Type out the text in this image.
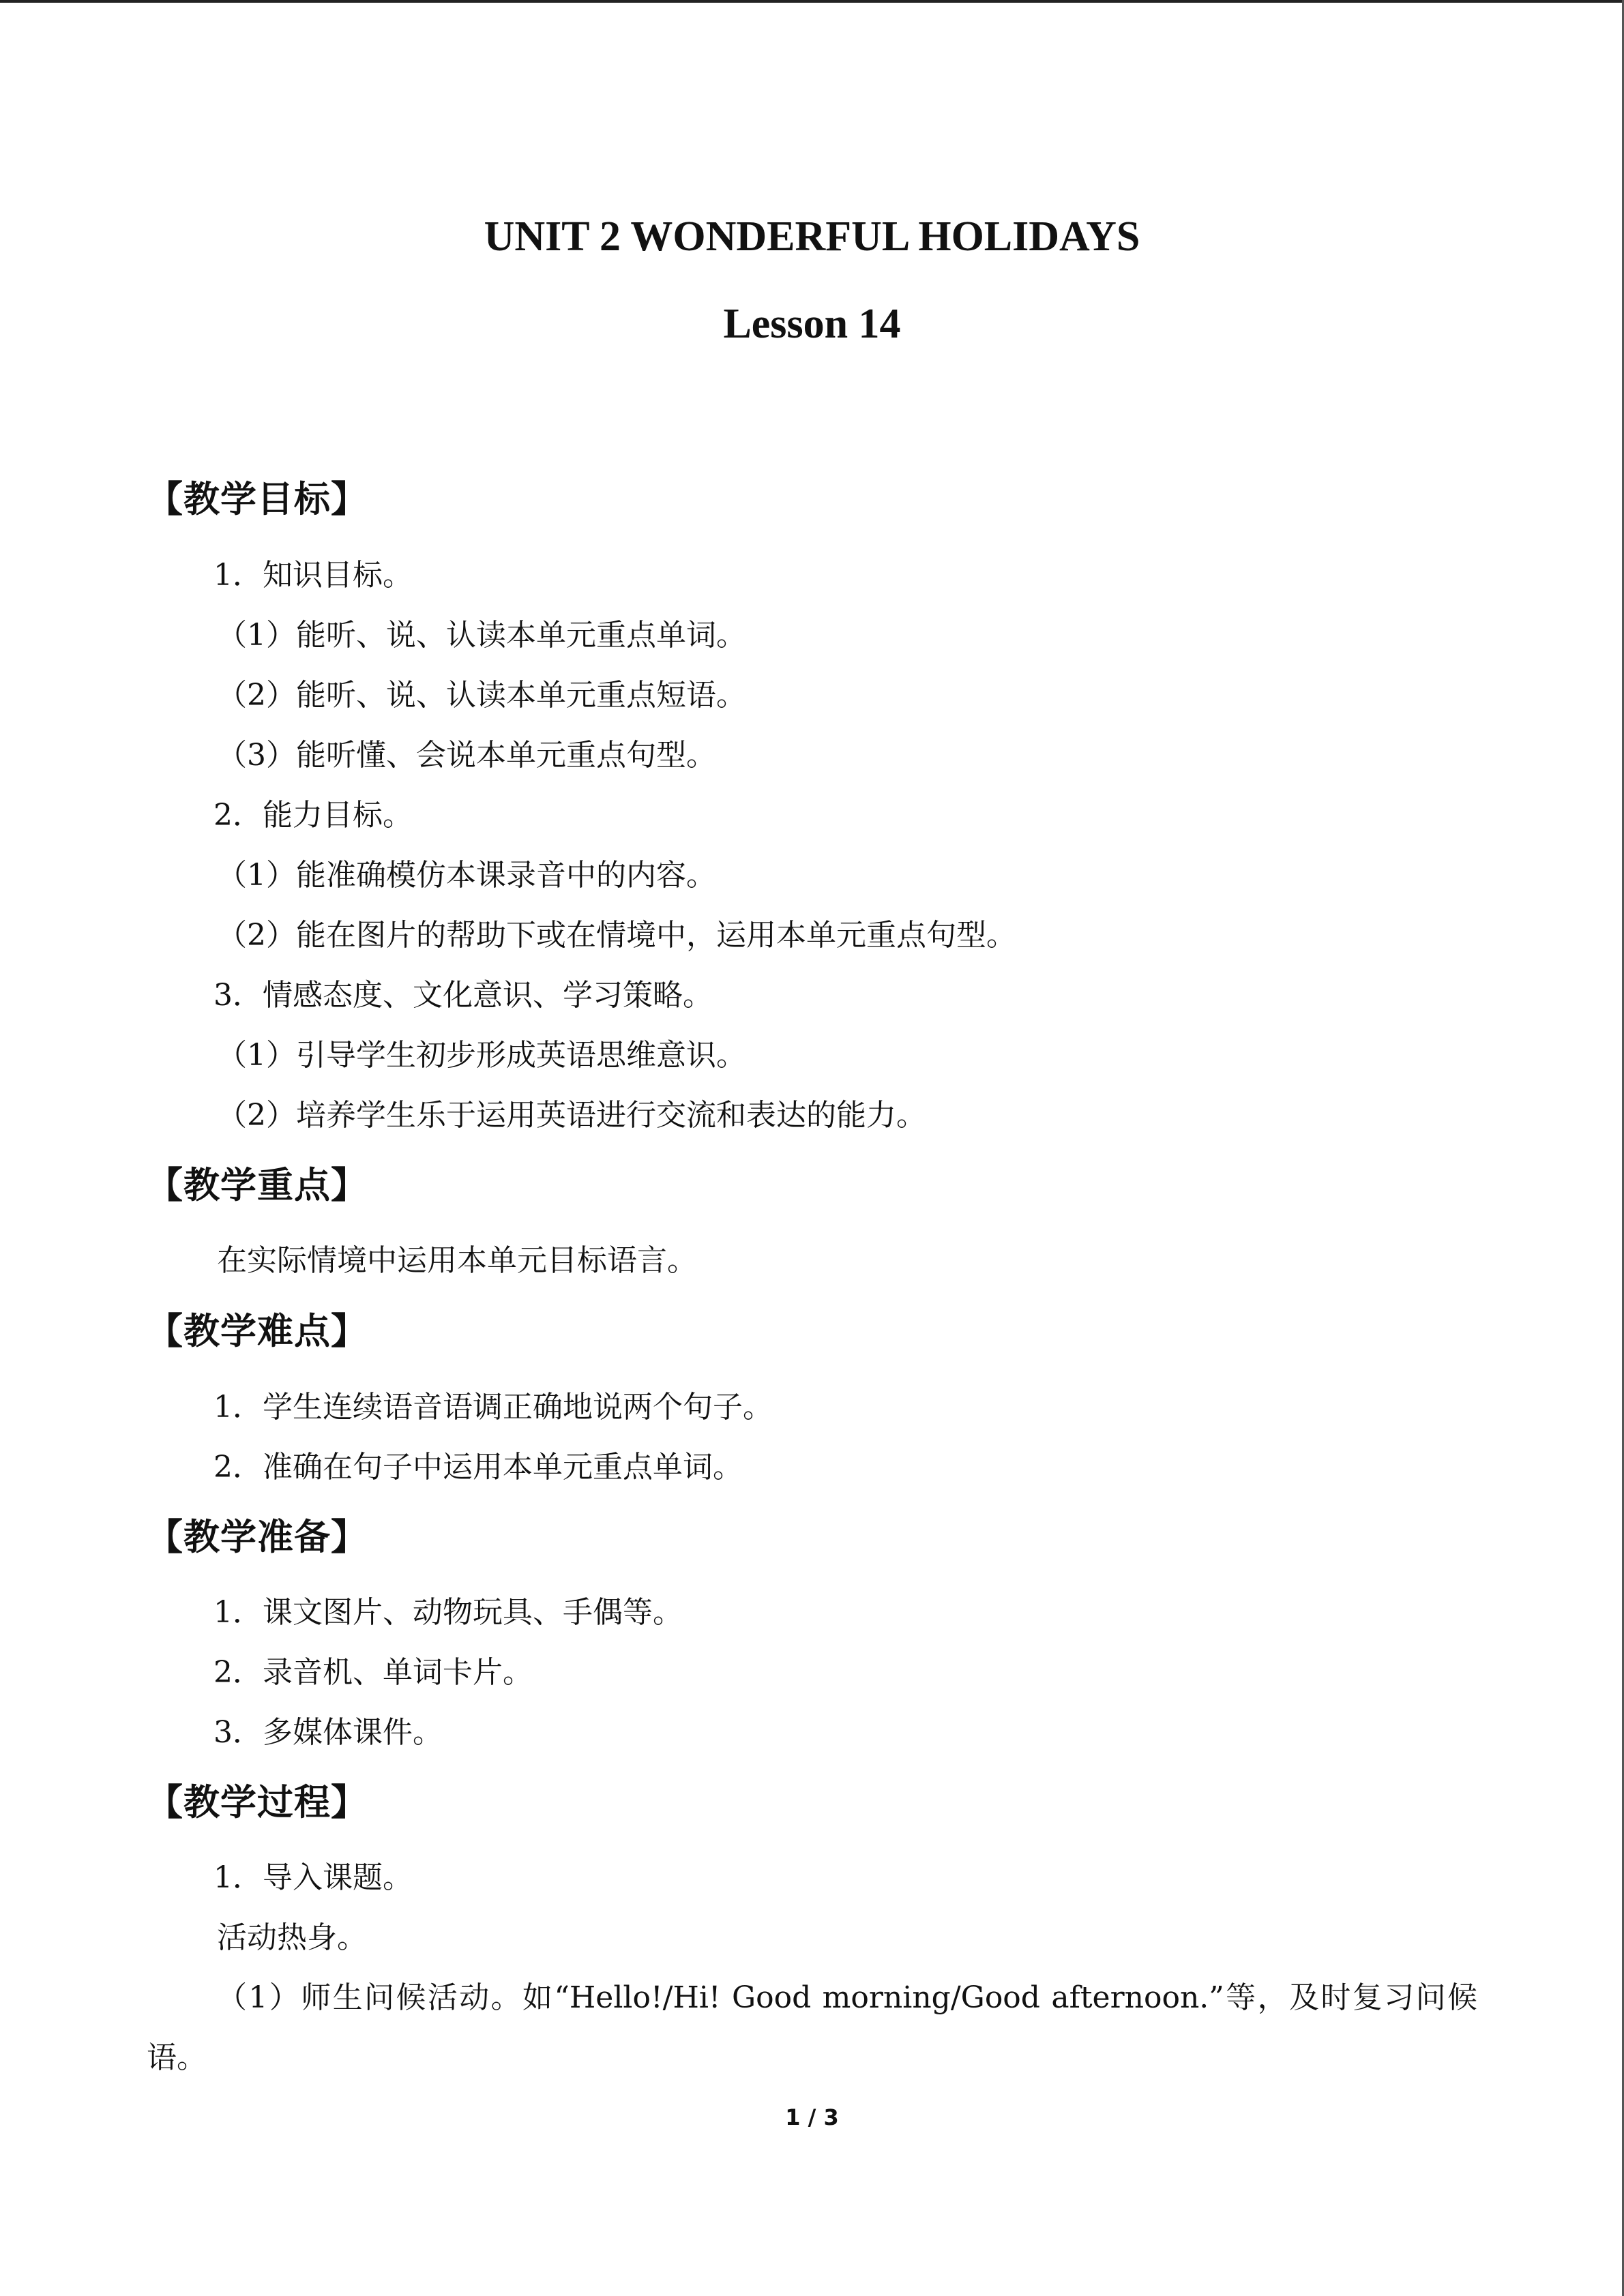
UNIT 2 WONDERFUL HOLIDAYS
Lesson 14
【教学目标】
1．知识目标。
（1）能听、说、认读本单元重点单词。
（2）能听、说、认读本单元重点短语。
（3）能听懂、会说本单元重点句型。
2．能力目标。
（1）能准确模仿本课录音中的内容。
（2）能在图片的帮助下或在情境中，运用本单元重点句型。
3．情感态度、文化意识、学习策略。
（1）引导学生初步形成英语思维意识。
（2）培养学生乐于运用英语进行交流和表达的能力。
【教学重点】
在实际情境中运用本单元目标语言。
【教学难点】
1．学生连续语音语调正确地说两个句子。
2．准确在句子中运用本单元重点单词。
【教学准备】
1．课文图片、动物玩具、手偶等。
2．录音机、单词卡片。
3．多媒体课件。
【教学过程】
1．导入课题。
活动热身。
（1）师生问候活动。如“Hello!/Hi! Good morning/Good afternoon.”等，及时复习问候
语。
1 / 3
